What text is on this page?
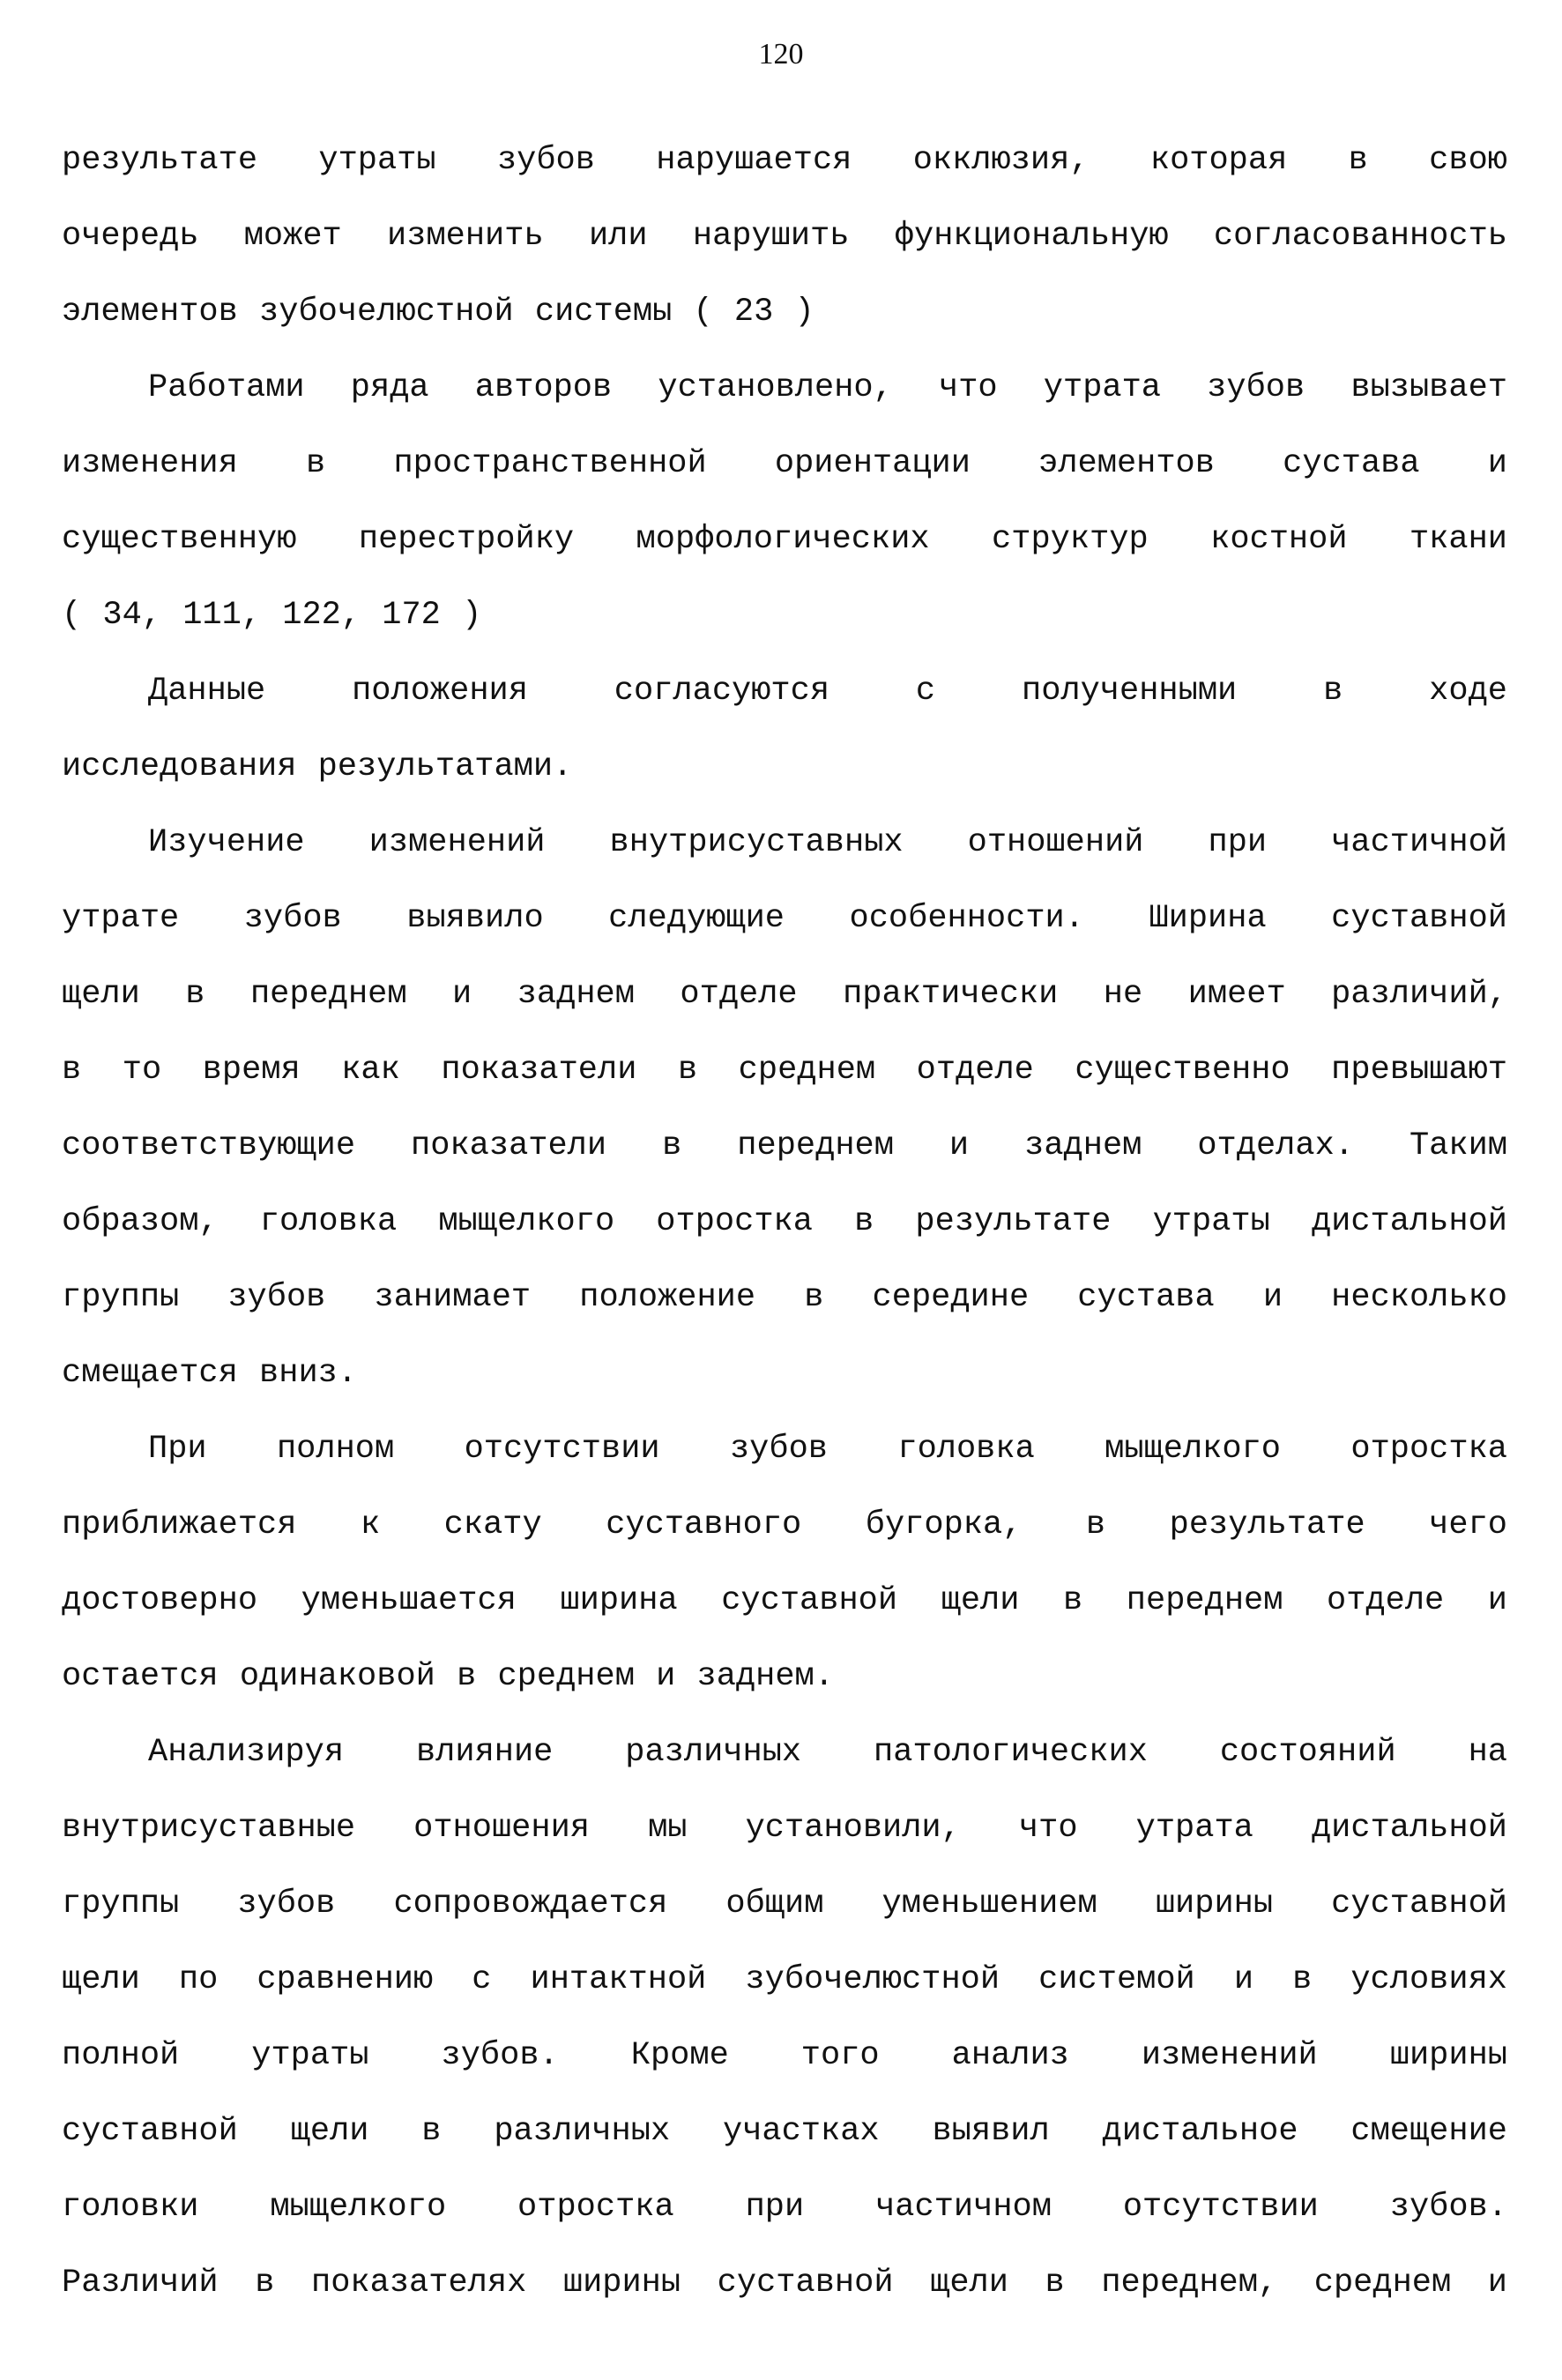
120
результате утраты зубов нарушается окклюзия, которая в свою
очередь может изменить или нарушить функциональную согласованность
элементов зубочелюстной системы ( 23 )
Работами ряда авторов установлено, что утрата зубов вызывает
изменения в пространственной ориентации элементов сустава и
существенную перестройку морфологических структур костной ткани
( 34, 111, 122, 172 )
Данные положения согласуются с полученными в ходе
исследования результатами.
Изучение изменений внутрисуставных отношений при частичной
утрате зубов выявило следующие особенности. Ширина суставной
щели в переднем и заднем отделе практически не имеет различий,
в то время как показатели в среднем отделе существенно превышают
соответствующие показатели в переднем и заднем отделах. Таким
образом, головка мыщелкого отростка в результате утраты дистальной
группы зубов занимает положение в середине сустава и несколько
смещается вниз.
При полном отсутствии зубов головка мыщелкого отростка
приближается к скату суставного бугорка, в результате чего
достоверно уменьшается ширина суставной щели в переднем отделе и
остается одинаковой в среднем и заднем.
Анализируя влияние различных патологических состояний на
внутрисуставные отношения мы установили, что утрата дистальной
группы зубов сопровождается общим уменьшением ширины суставной
щели по сравнению с интактной зубочелюстной системой и в условиях
полной утраты зубов. Кроме того анализ изменений ширины
суставной щели в различных участках выявил дистальное смещение
головки мыщелкого отростка при частичном отсутствии зубов.
Различий в показателях ширины суставной щели в переднем, среднем и
